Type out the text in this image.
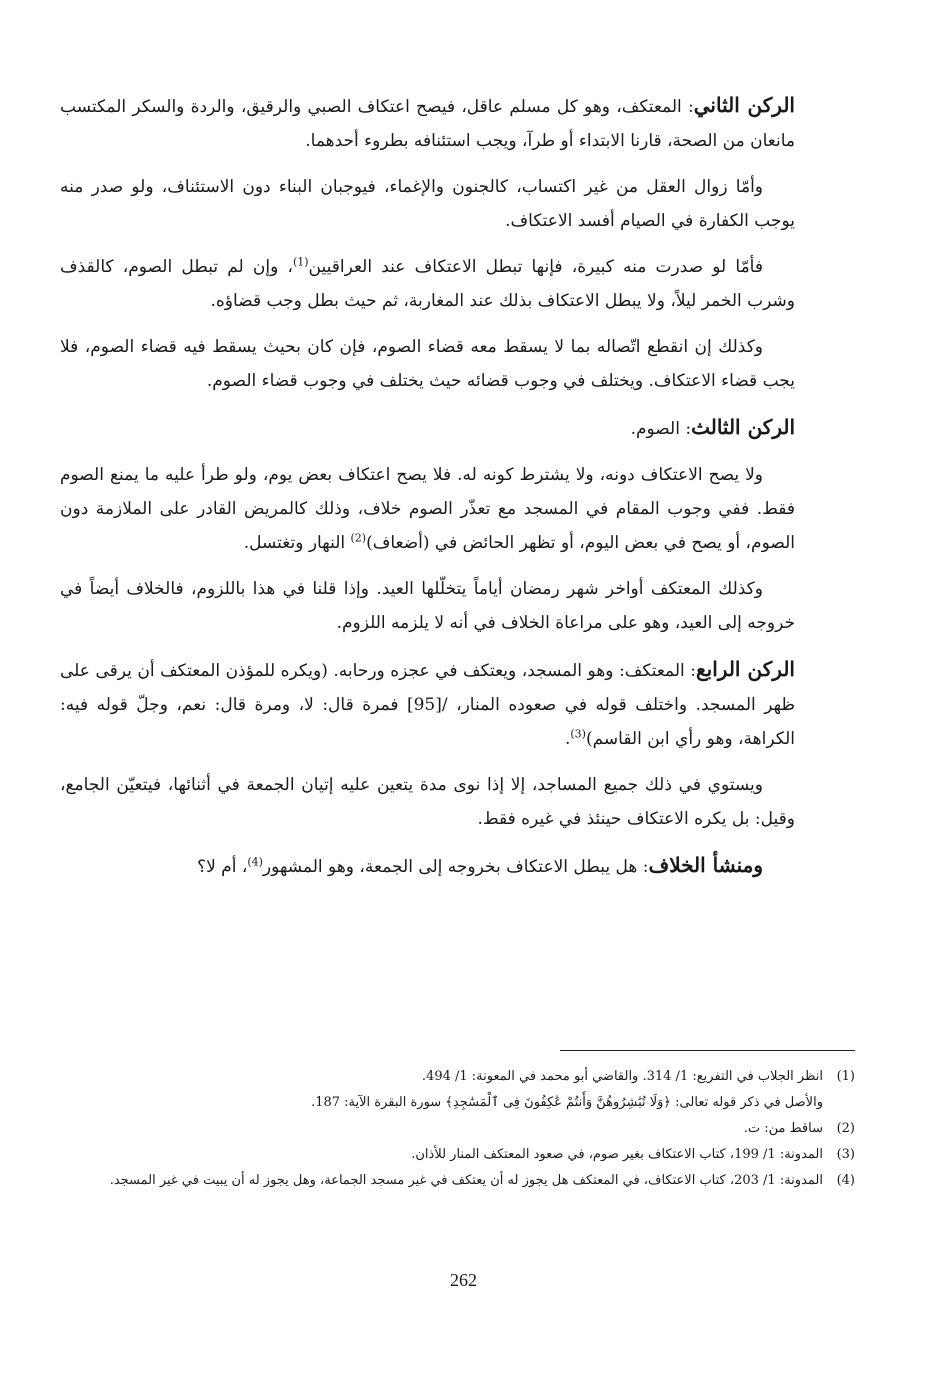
الركن الثاني: المعتكف، وهو كل مسلم عاقل، فيصح اعتكاف الصبي والرقيق، والردة والسكر المكتسب مانعان من الصحة، قارنا الابتداء أو طرآ، ويجب استئنافه بطروء أحدهما.

وأمّا زوال العقل من غير اكتساب، كالجنون والإغماء، فيوجبان البناء دون الاستئناف، ولو صدر منه يوجب الكفارة في الصيام أفسد الاعتكاف.

فأمّا لو صدرت منه كبيرة، فإنها تبطل الاعتكاف عند العراقيين$^{(1)}$، وإن لم تبطل الصوم، كالقذف وشرب الخمر ليلاً، ولا يبطل الاعتكاف بذلك عند المغاربة، ثم حيث بطل وجب قضاؤه.

وكذلك إن انقطع اتّصاله بما لا يسقط معه قضاء الصوم، فإن كان بحيث يسقط فيه قضاء الصوم، فلا يجب قضاء الاعتكاف. ويختلف في وجوب قضائه حيث يختلف في وجوب قضاء الصوم.

الركن الثالث: الصوم.

ولا يصح الاعتكاف دونه، ولا يشترط كونه له. فلا يصح اعتكاف بعض يوم، ولو طرأ عليه ما يمنع الصوم فقط. ففي وجوب المقام في المسجد مع تعذّر الصوم خلاف، وذلك كالمريض القادر على الملازمة دون الصوم، أو يصح في بعض اليوم، أو تظهر الحائض في (أضعاف)$^{(2)}$ النهار وتغتسل.

وكذلك المعتكف أواخر شهر رمضان أياماً يتخلّلها العيد. وإذا قلنا في هذا باللزوم، فالخلاف أيضاً في خروجه إلى العيد، وهو على مراعاة الخلاف في أنه لا يلزمه اللزوم.

الركن الرابع: المعتكف: وهو المسجد، ويعتكف في عجزه ورحابه. (ويكره للمؤذن المعتكف أن يرقى على ظهر المسجد. واختلف قوله في صعوده المنار، /[95] فمرة قال: لا، ومرة قال: نعم، وجلّ قوله فيه: الكراهة، وهو رأي ابن القاسم)$^{(3)}$.

ويستوي في ذلك جميع المساجد، إلا إذا نوى مدة يتعين عليه إتيان الجمعة في أثنائها، فيتعيّن الجامع، وقيل: بل يكره الاعتكاف حينئذ في غيره فقط.

ومنشأ الخلاف: هل يبطل الاعتكاف بخروجه إلى الجمعة، وهو المشهور$^{(4)}$، أم لا؟

(1)
انظر الجلاب في التفريع: 1/ 314. والقاضي أبو محمد في المعونة: 1/ 494.
والأصل في ذكر قوله تعالى: ﴿وَلَا تُبَٰشِرُوهُنَّ وَأَنتُمْ عَٰكِفُونَ فِى ٱلْمَسَٰجِدِ﴾ سورة البقرة الآية: 187.
(2)
ساقط من: ت.
(3)
المدونة: 1/ 199، كتاب الاعتكاف بغير صوم، في صعود المعتكف المنار للأذان.
(4)
المدونة: 1/ 203، كتاب الاعتكاف، في المعتكف هل يجوز له أن يعتكف في غير مسجد الجماعة، وهل يجوز له أن يبيت في غير المسجد.
262
